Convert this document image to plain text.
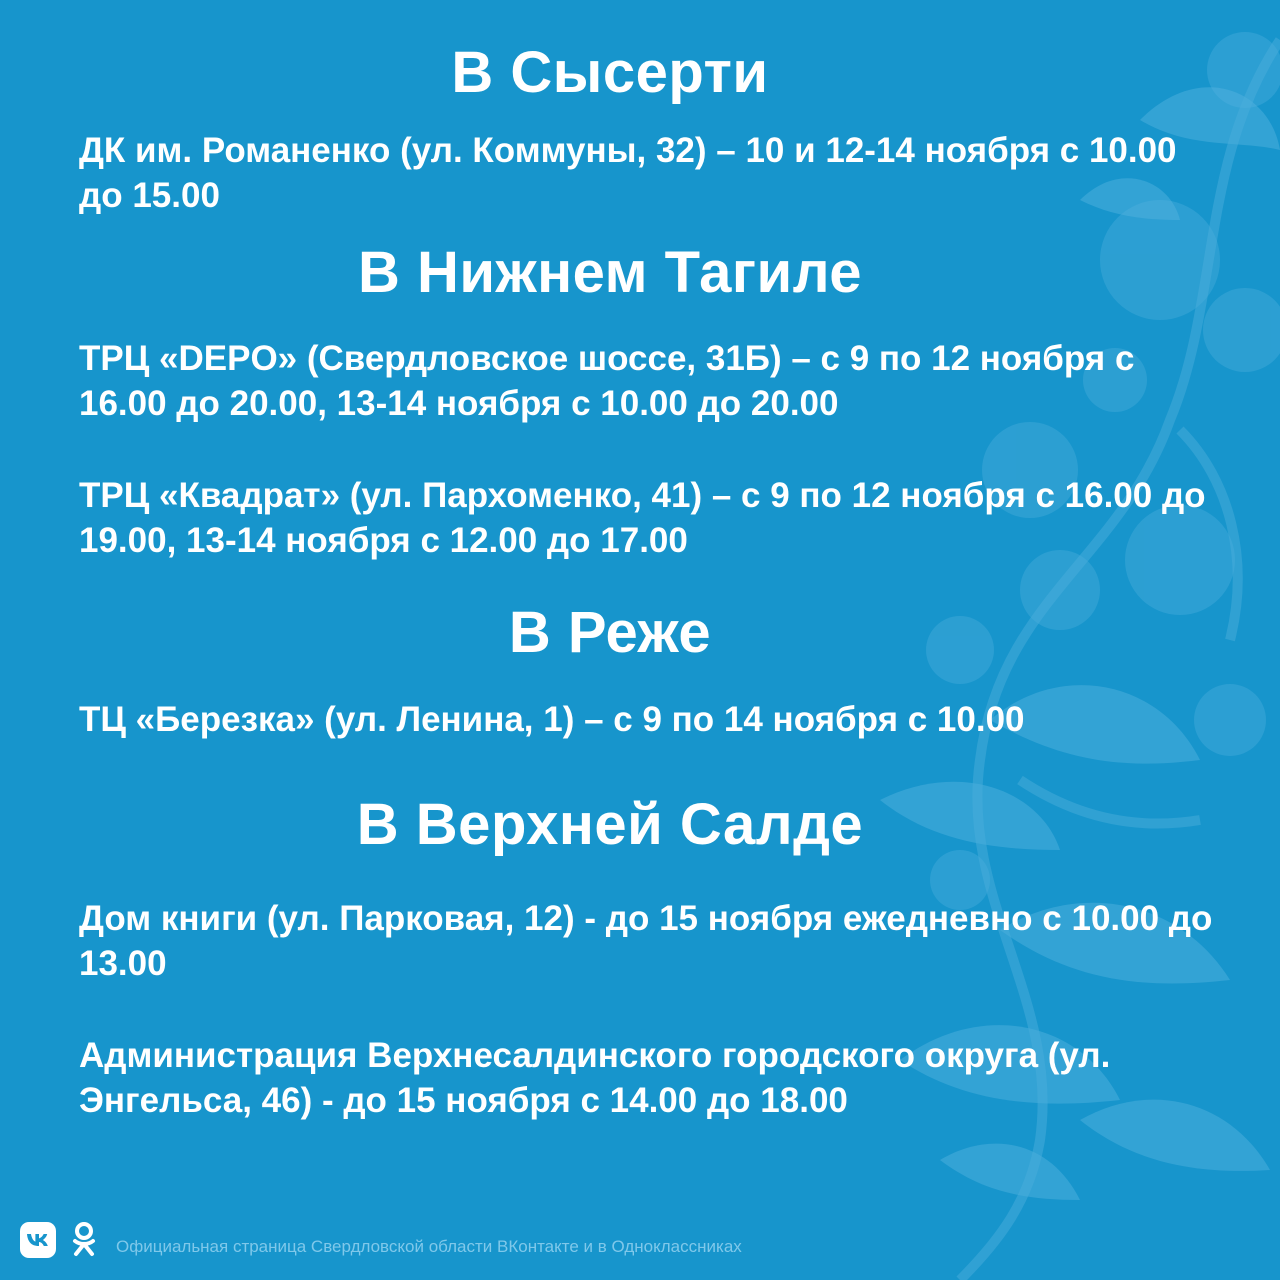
В Сысерти

ДК им. Романенко (ул. Коммуны, 32) – 10 и 12-14 ноября с 10.00 до 15.00

В Нижнем Тагиле

ТРЦ «DEPO» (Свердловское шоссе, 31Б) – с 9 по 12 ноября с 16.00 до 20.00, 13-14 ноября с 10.00 до 20.00

ТРЦ «Квадрат» (ул. Пархоменко, 41) – с 9 по 12 ноября с 16.00 до 19.00, 13-14 ноября с 12.00 до 17.00

В Реже

ТЦ «Березка» (ул. Ленина, 1) – с 9 по 14 ноября с 10.00

В Верхней Салде

Дом книги (ул. Парковая, 12) - до 15 ноября ежедневно с 10.00 до 13.00

Администрация Верхнесалдинского городского округа (ул. Энгельса, 46) - до 15 ноября с 14.00 до 18.00

Официальная страница Свердловской области ВКонтакте и в Одноклассниках
